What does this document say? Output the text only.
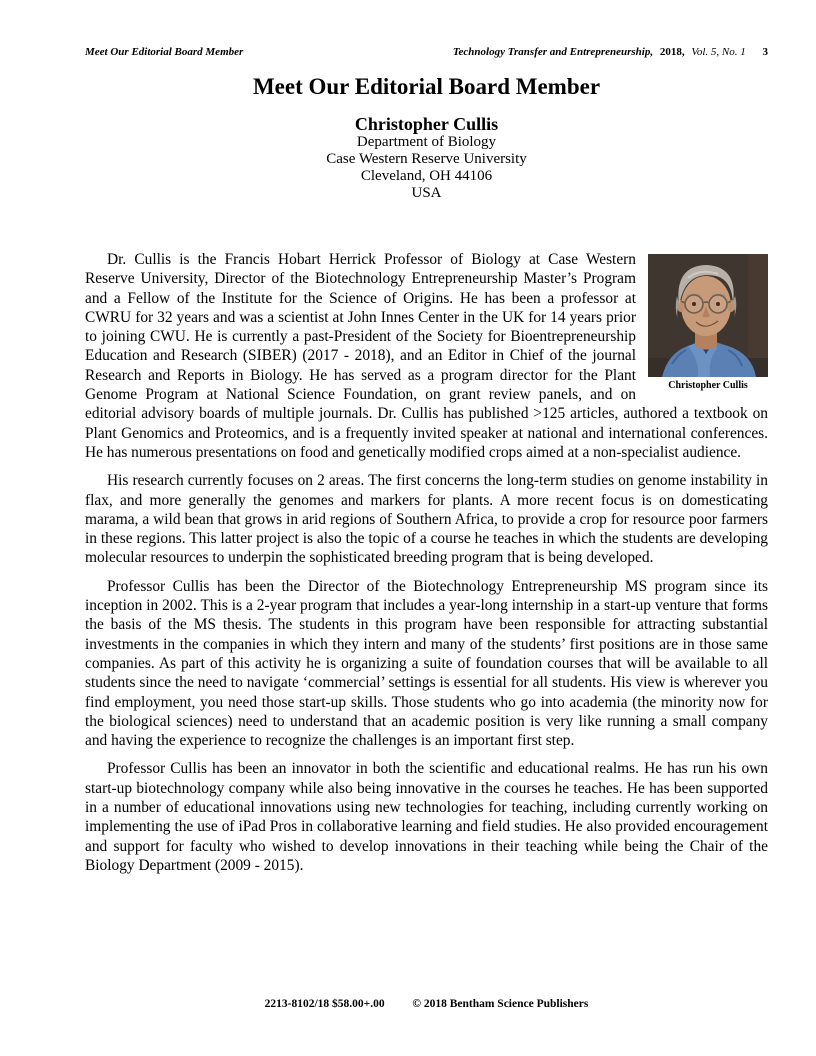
Meet Our Editorial Board Member	Technology Transfer and Entrepreneurship, 2018, Vol. 5, No. 1 3
Meet Our Editorial Board Member
Christopher Cullis
Department of Biology
Case Western Reserve University
Cleveland, OH 44106
USA

Christopher Cullis
Dr. Cullis is the Francis Hobart Herrick Professor of Biology at Case Western Reserve University, Director of the Biotechnology Entrepreneurship Master’s Program and a Fellow of the Institute for the Science of Origins. He has been a professor at CWRU for 32 years and was a scientist at John Innes Center in the UK for 14 years prior to joining CWU. He is currently a past-President of the Society for Bioentrepreneurship Education and Research (SIBER) (2017 - 2018), and an Editor in Chief of the journal Research and Reports in Biology. He has served as a program director for the Plant Genome Program at National Science Foundation, on grant review panels, and on editorial advisory boards of multiple journals. Dr. Cullis has published >125 articles, authored a textbook on Plant Genomics and Proteomics, and is a frequently invited speaker at national and international conferences. He has numerous presentations on food and genetically modified crops aimed at a non-specialist audience.

His research currently focuses on 2 areas. The first concerns the long-term studies on genome instability in flax, and more generally the genomes and markers for plants. A more recent focus is on domesticating marama, a wild bean that grows in arid regions of Southern Africa, to provide a crop for resource poor farmers in these regions. This latter project is also the topic of a course he teaches in which the students are developing molecular resources to underpin the sophisticated breeding program that is being developed.

Professor Cullis has been the Director of the Biotechnology Entrepreneurship MS program since its inception in 2002. This is a 2-year program that includes a year-long internship in a start-up venture that forms the basis of the MS thesis. The students in this program have been responsible for attracting substantial investments in the companies in which they intern and many of the students’ first positions are in those same companies. As part of this activity he is organizing a suite of foundation courses that will be available to all students since the need to navigate ‘commercial’ settings is essential for all students. His view is wherever you find employment, you need those start-up skills. Those students who go into academia (the minority now for the biological sciences) need to understand that an academic position is very like running a small company and having the experience to recognize the challenges is an important first step.

Professor Cullis has been an innovator in both the scientific and educational realms. He has run his own start-up biotechnology company while also being innovative in the courses he teaches. He has been supported in a number of educational innovations using new technologies for teaching, including currently working on implementing the use of iPad Pros in collaborative learning and field studies. He also provided encouragement and support for faculty who wished to develop innovations in their teaching while being the Chair of the Biology Department (2009 - 2015).

2213-8102/18 $58.00+.00 © 2018 Bentham Science Publishers
